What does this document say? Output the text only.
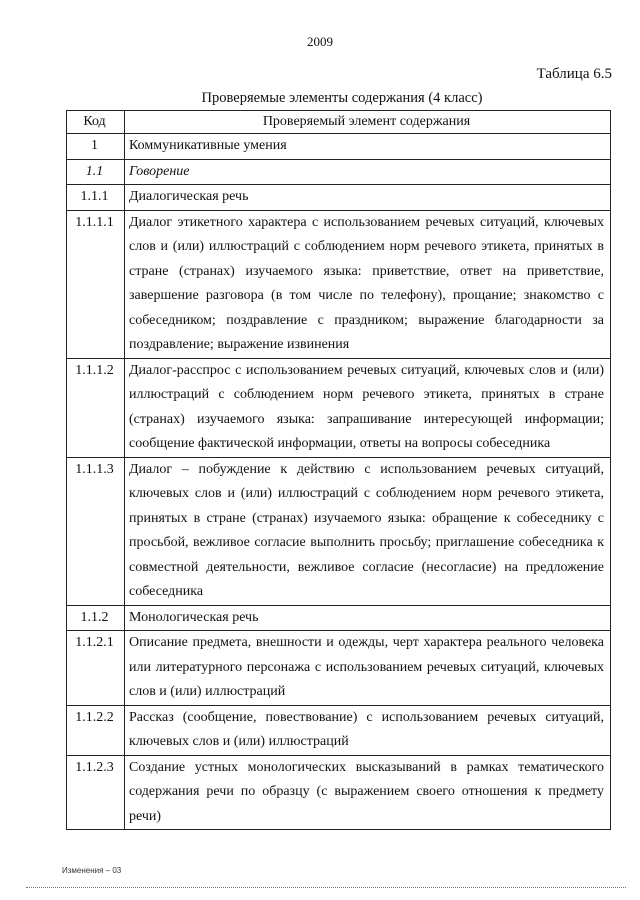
2009
Таблица 6.5
Проверяемые элементы содержания (4 класс)
Код	Проверяемый элемент содержания
1	Коммуникативные умения
1.1	Говорение
1.1.1	Диалогическая речь
1.1.1.1	Диалог этикетного характера с использованием речевых ситуаций, ключевых слов и (или) иллюстраций с соблюдением норм речевого этикета, принятых в стране (странах) изучаемого языка: приветствие, ответ на приветствие, завершение разговора (в том числе по телефону), прощание; знакомство с собеседником; поздравление с праздником; выражение благодарности за поздравление; выражение извинения
1.1.1.2	Диалог-расспрос с использованием речевых ситуаций, ключевых слов и (или) иллюстраций с соблюдением норм речевого этикета, принятых в стране (странах) изучаемого языка: запрашивание интересующей информации; сообщение фактической информации, ответы на вопросы собеседника
1.1.1.3	Диалог – побуждение к действию с использованием речевых ситуаций, ключевых слов и (или) иллюстраций с соблюдением норм речевого этикета, принятых в стране (странах) изучаемого языка: обращение к собеседнику с просьбой, вежливое согласие выполнить просьбу; приглашение собеседника к совместной деятельности, вежливое согласие (несогласие) на предложение собеседника
1.1.2	Монологическая речь
1.1.2.1	Описание предмета, внешности и одежды, черт характера реального человека или литературного персонажа с использованием речевых ситуаций, ключевых слов и (или) иллюстраций
1.1.2.2	Рассказ (сообщение, повествование) с использованием речевых ситуаций, ключевых слов и (или) иллюстраций
1.1.2.3	Создание устных монологических высказываний в рамках тематического содержания речи по образцу (с выражением своего отношения к предмету речи)
Изменения – 03
